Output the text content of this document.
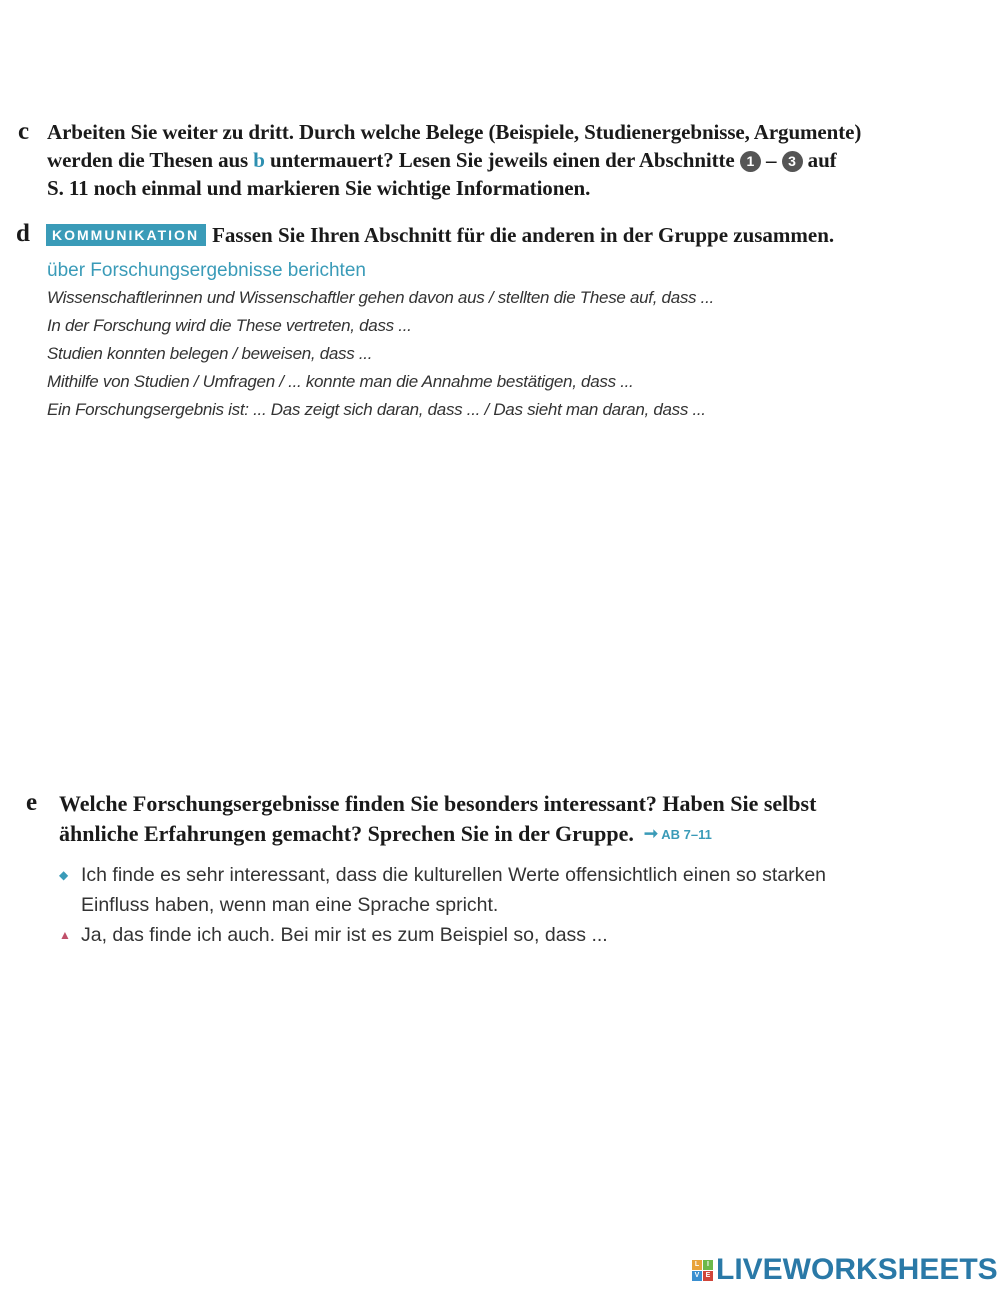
c Arbeiten Sie weiter zu dritt. Durch welche Belege (Beispiele, Studienergebnisse, Argumente)
werden die Thesen aus b untermauert? Lesen Sie jeweils einen der Abschnitte 1 – 3 auf
S. 11 noch einmal und markieren Sie wichtige Informationen.
d	KOMMUNIKATION Fassen Sie Ihren Abschnitt für die anderen in der Gruppe zusammen.
über Forschungsergebnisse berichten
Wissenschaftlerinnen und Wissenschaftler gehen davon aus / stellten die These auf, dass ...
In der Forschung wird die These vertreten, dass ...
Studien konnten belegen / beweisen, dass ...
Mithilfe von Studien / Umfragen / ... konnte man die Annahme bestätigen, dass ...
Ein Forschungsergebnis ist: ... Das zeigt sich daran, dass ... / Das sieht man daran, dass ...
e Welche Forschungsergebnisse finden Sie besonders interessant? Haben Sie selbst
ähnliche Erfahrungen gemacht? Sprechen Sie in der Gruppe. ➞ AB 7–11
◆ Ich finde es sehr interessant, dass die kulturellen Werte offensichtlich einen so starken
Einfluss haben, wenn man eine Sprache spricht.
▲ Ja, das finde ich auch. Bei mir ist es zum Beispiel so, dass ...
L	I
V E LIVEWORKSHEETS
